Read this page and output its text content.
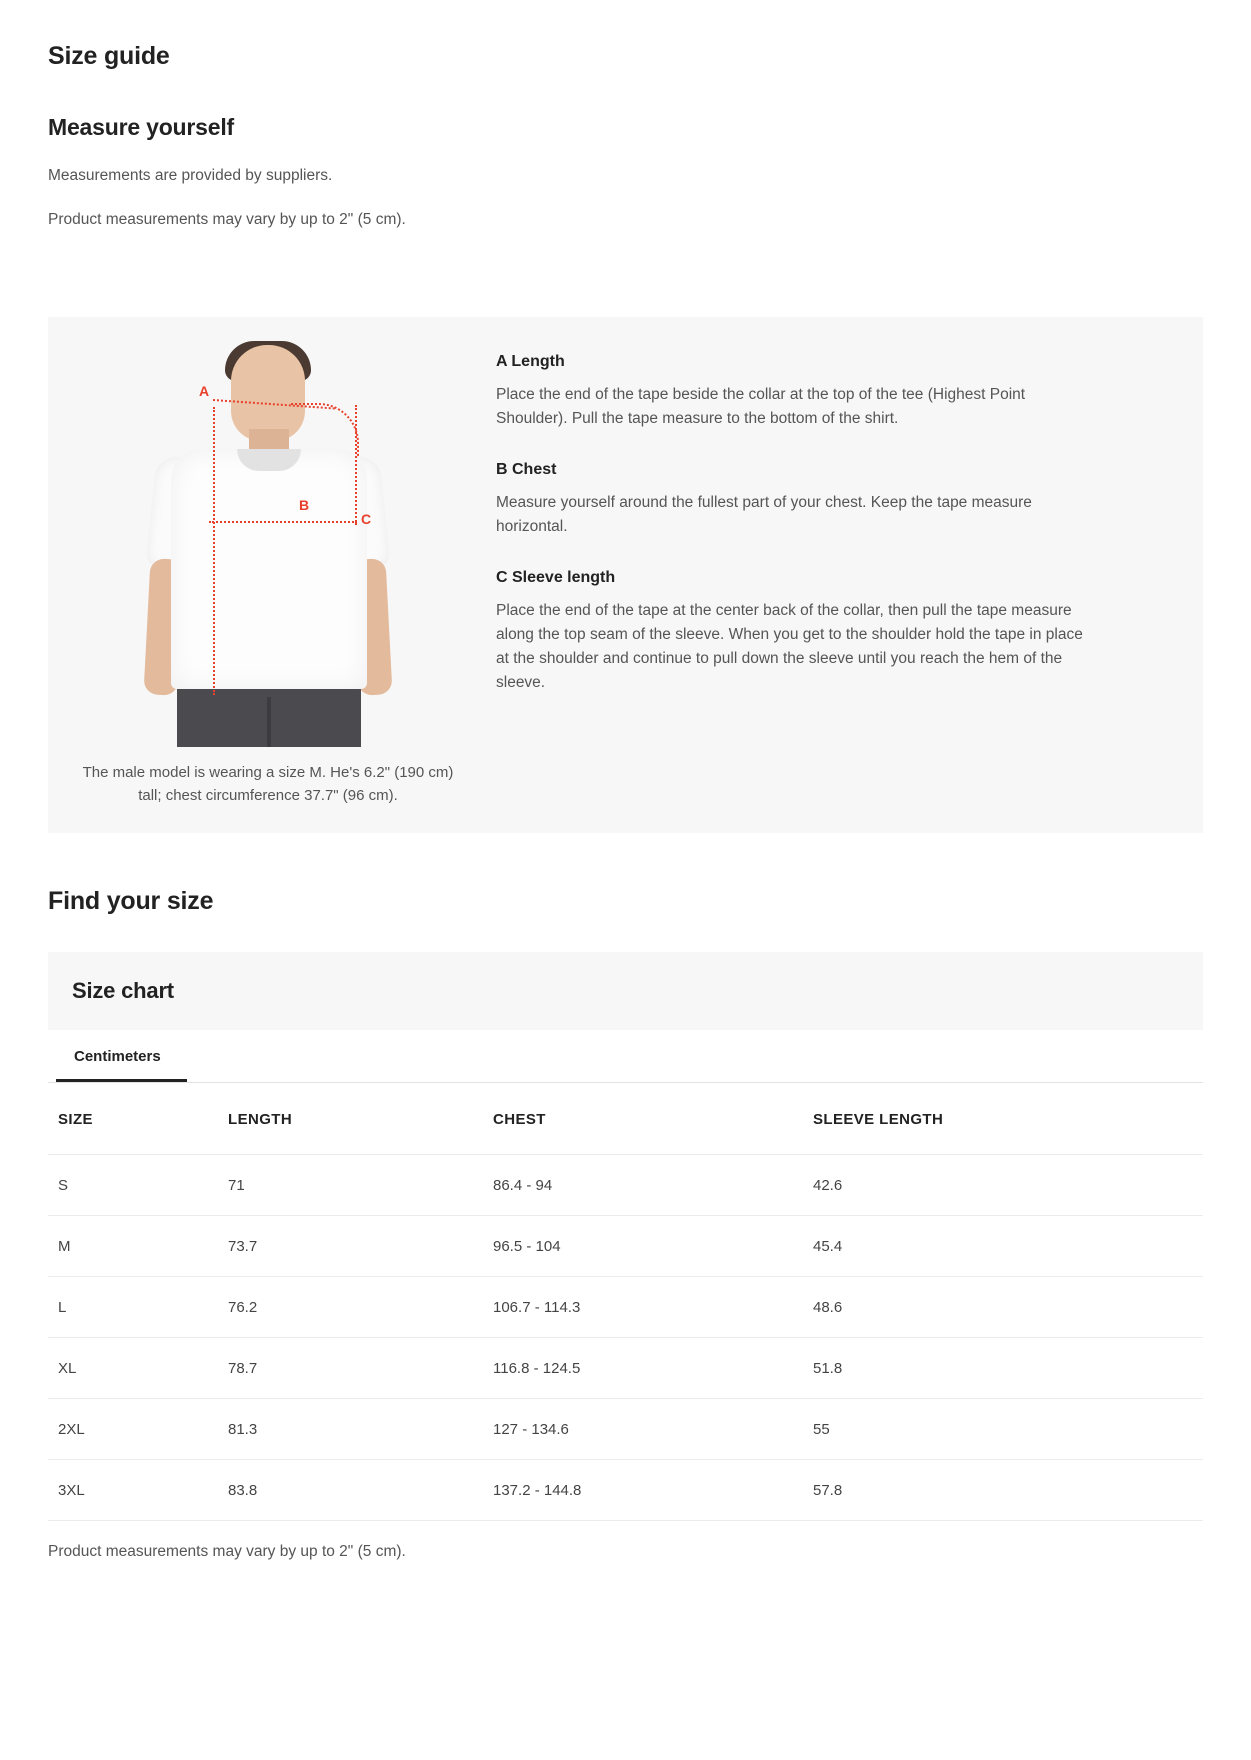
Size guide
Measure yourself

Measurements are provided by suppliers.

Product measurements may vary by up to 2" (5 cm).

A
B
C
The male model is wearing a size M. He's 6.2" (190 cm) tall; chest circumference 37.7" (96 cm).
A Length

Place the end of the tape beside the collar at the top of the tee (Highest Point Shoulder). Pull the tape measure to the bottom of the shirt.

B Chest

Measure yourself around the fullest part of your chest. Keep the tape measure horizontal.

C Sleeve length

Place the end of the tape at the center back of the collar, then pull the tape measure along the top seam of the sleeve. When you get to the shoulder hold the tape in place at the shoulder and continue to pull down the sleeve until you reach the hem of the sleeve.

Find your size
Size chart
Centimeters
SIZE	LENGTH	CHEST	SLEEVE LENGTH
S	71	86.4 - 94	42.6
M	73.7	96.5 - 104	45.4
L	76.2	106.7 - 114.3	48.6
XL	78.7	116.8 - 124.5	51.8
2XL	81.3	127 - 134.6	55
3XL	83.8	137.2 - 144.8	57.8

Product measurements may vary by up to 2" (5 cm).
